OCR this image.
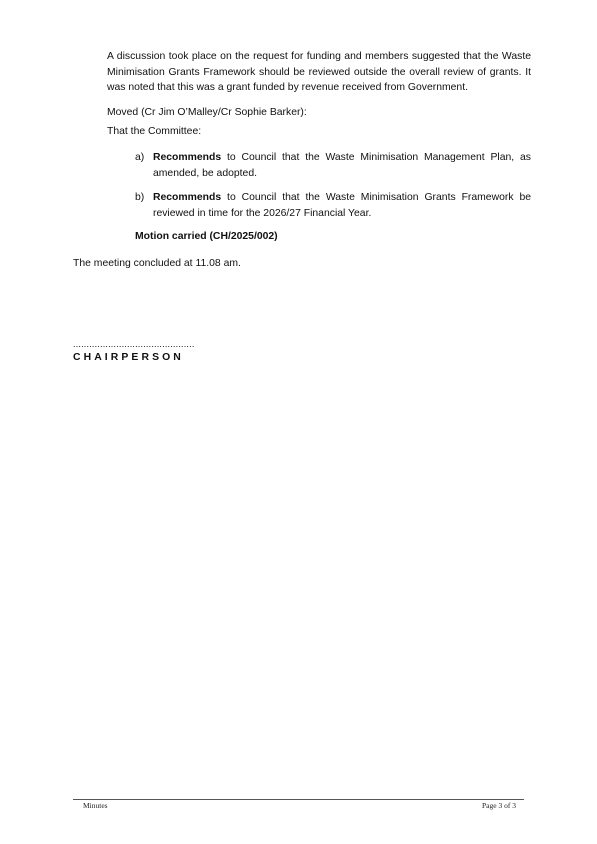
A discussion took place on the request for funding and members suggested that the Waste Minimisation Grants Framework should be reviewed outside the overall review of grants. It was noted that this was a grant funded by revenue received from Government.

Moved (Cr Jim O’Malley/Cr Sophie Barker):

That the Committee:

a) Recommends to Council that the Waste Minimisation Management Plan, as amended, be adopted.
b) Recommends to Council that the Waste Minimisation Grants Framework be reviewed in time for the 2026/27 Financial Year.

Motion carried (CH/2025/002)

The meeting concluded at 11.08 am.

.............................................
CHAIRPERSON
Minutes	Page 3 of 3
